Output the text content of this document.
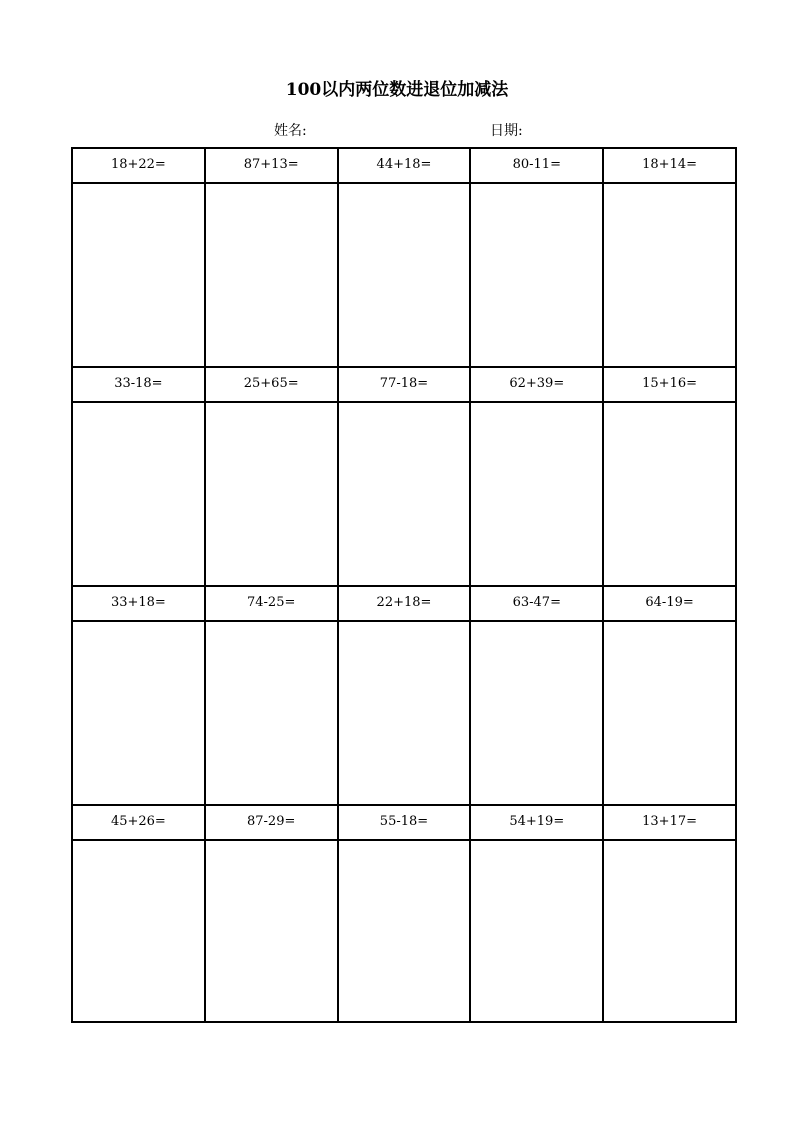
100以内两位数进退位加减法
姓名:	日期:
18+22=	87+13=	44+18=	80-11=	18+14=
33-18=	25+65=	77-18=	62+39=	15+16=
33+18=	74-25=	22+18=	63-47=	64-19=
45+26=	87-29=	55-18=	54+19=	13+17=
